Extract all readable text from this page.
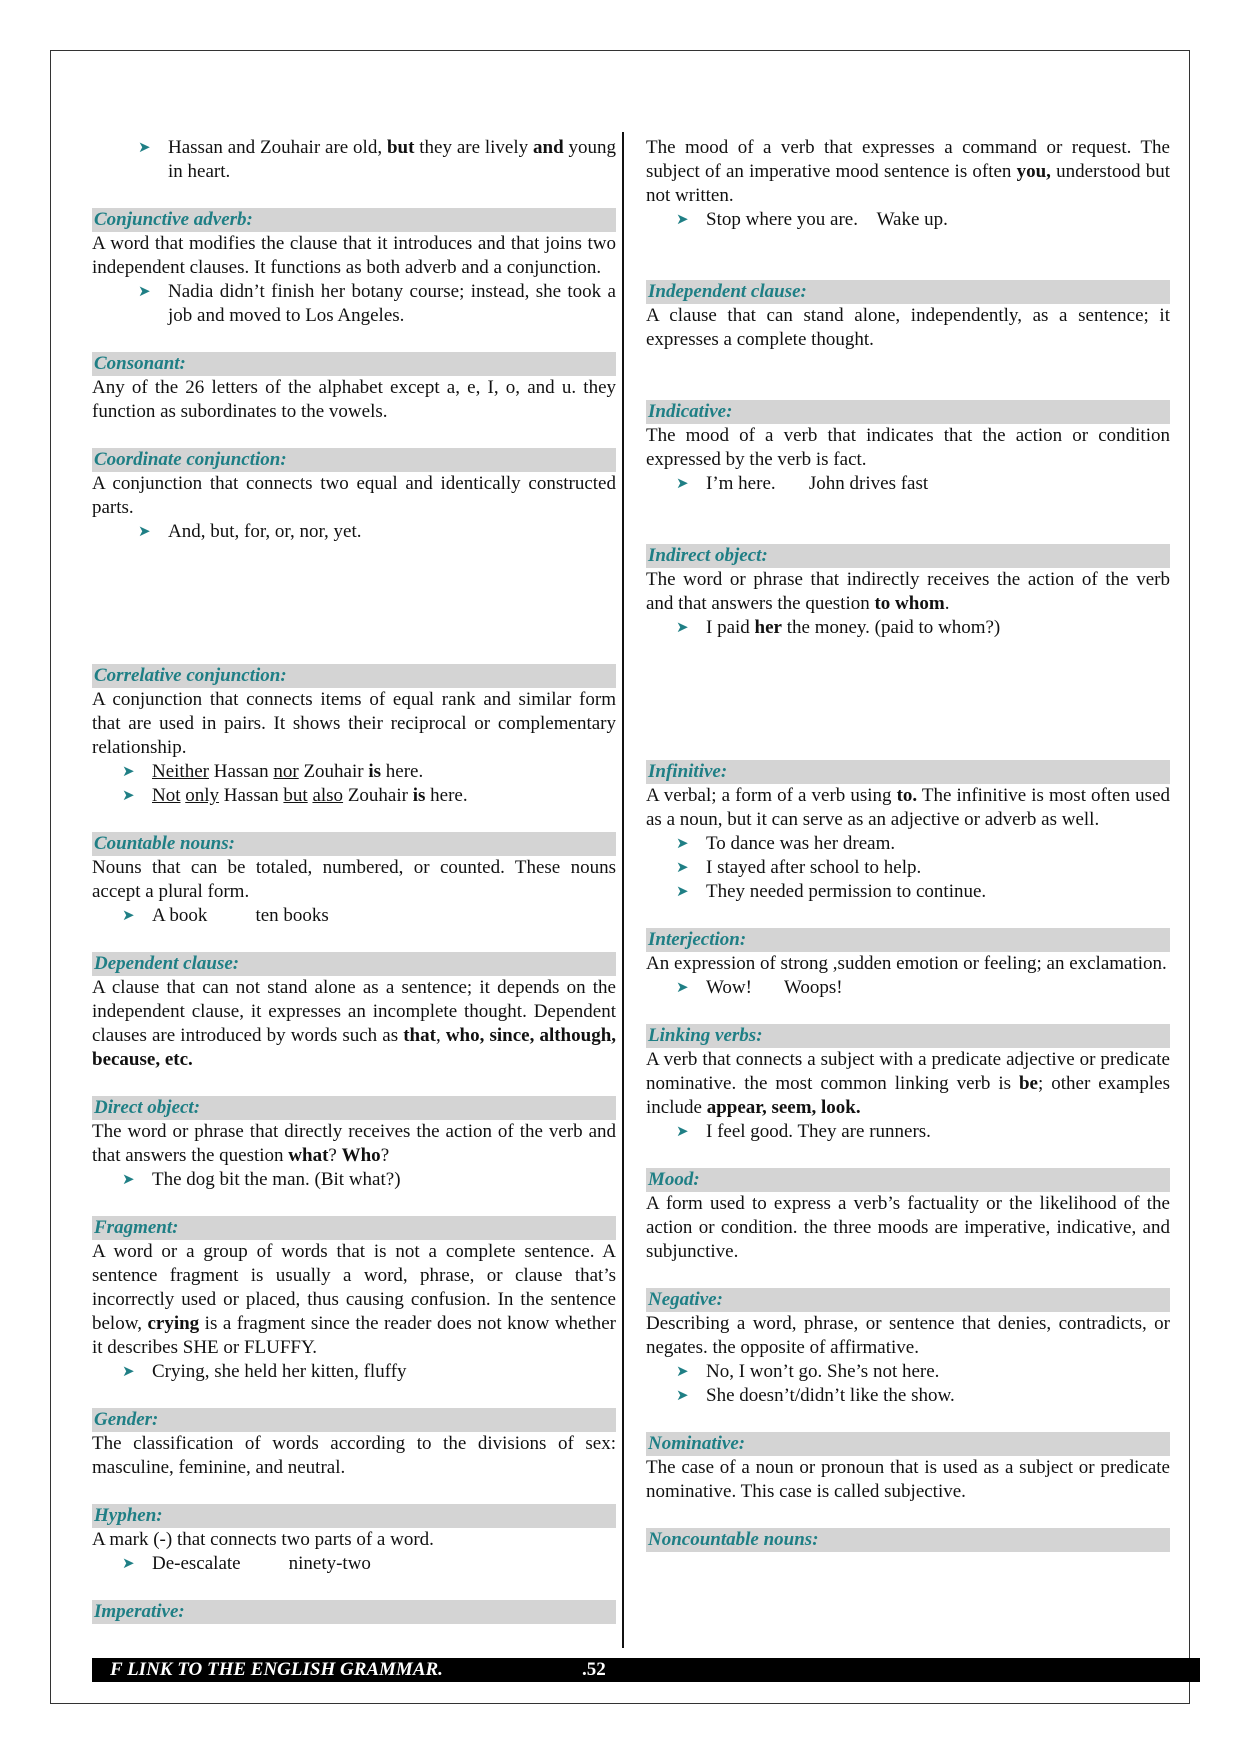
➤ Hassan and Zouhair are old, but they are lively and young in heart.
Conjunctive adverb:
A word that modifies the clause that it introduces and that joins two independent clauses. It functions as both adverb and a conjunction.
➤ Nadia didn’t finish her botany course; instead, she took a job and moved to Los Angeles.
Consonant:
Any of the 26 letters of the alphabet except a, e, I, o, and u. they function as subordinates to the vowels.
Coordinate conjunction:
A conjunction that connects two equal and identically constructed parts.
➤ And, but, for, or, nor, yet.
Correlative conjunction:
A conjunction that connects items of equal rank and similar form that are used in pairs. It shows their reciprocal or complementary relationship.
➤ Neither Hassan nor Zouhair is here.
➤ Not only Hassan but also Zouhair is here.
Countable nouns:
Nouns that can be totaled, numbered, or counted. These nouns accept a plural form.
➤ A book	ten books
Dependent clause:
A clause that can not stand alone as a sentence; it depends on the independent clause, it expresses an incomplete thought. Dependent clauses are introduced by words such as that, who, since, although, because, etc.
Direct object:
The word or phrase that directly receives the action of the verb and that answers the question what? Who?
➤ The dog bit the man. (Bit what?)
Fragment:
A word or a group of words that is not a complete sentence. A sentence fragment is usually a word, phrase, or clause that’s incorrectly used or placed, thus causing confusion. In the sentence below, crying is a fragment since the reader does not know whether it describes SHE or FLUFFY.
➤ Crying, she held her kitten, fluffy
Gender:
The classification of words according to the divisions of sex: masculine, feminine, and neutral.
Hyphen:
A mark (-) that connects two parts of a word.
➤ De-escalate	ninety-two
Imperative:
The mood of a verb that expresses a command or request. The subject of an imperative mood sentence is often you, understood but not written.
➤ Stop where you are. Wake up.
Independent clause:
A clause that can stand alone, independently, as a sentence; it expresses a complete thought.
Indicative:
The mood of a verb that indicates that the action or condition expressed by the verb is fact.
➤ I’m here. John drives fast
Indirect object:
The word or phrase that indirectly receives the action of the verb and that answers the question to whom.
➤ I paid her the money. (paid to whom?)
Infinitive:
A verbal; a form of a verb using to. The infinitive is most often used as a noun, but it can serve as an adjective or adverb as well.
➤ To dance was her dream.
➤ I stayed after school to help.
➤ They needed permission to continue.
Interjection:
An expression of strong ,sudden emotion or feeling; an exclamation.
➤ Wow! Woops!
Linking verbs:
A verb that connects a subject with a predicate adjective or predicate nominative. the most common linking verb is be; other examples include appear, seem, look.
➤ I feel good. They are runners.
Mood:
A form used to express a verb’s factuality or the likelihood of the action or condition. the three moods are imperative, indicative, and subjunctive.
Negative:
Describing a word, phrase, or sentence that denies, contradicts, or negates. the opposite of affirmative.
➤ No, I won’t go. She’s not here.
➤ She doesn’t/didn’t like the show.
Nominative:
The case of a noun or pronoun that is used as a subject or predicate nominative. This case is called subjective.
Noncountable nouns:
F LINK TO THE ENGLISH GRAMMAR.	.52
